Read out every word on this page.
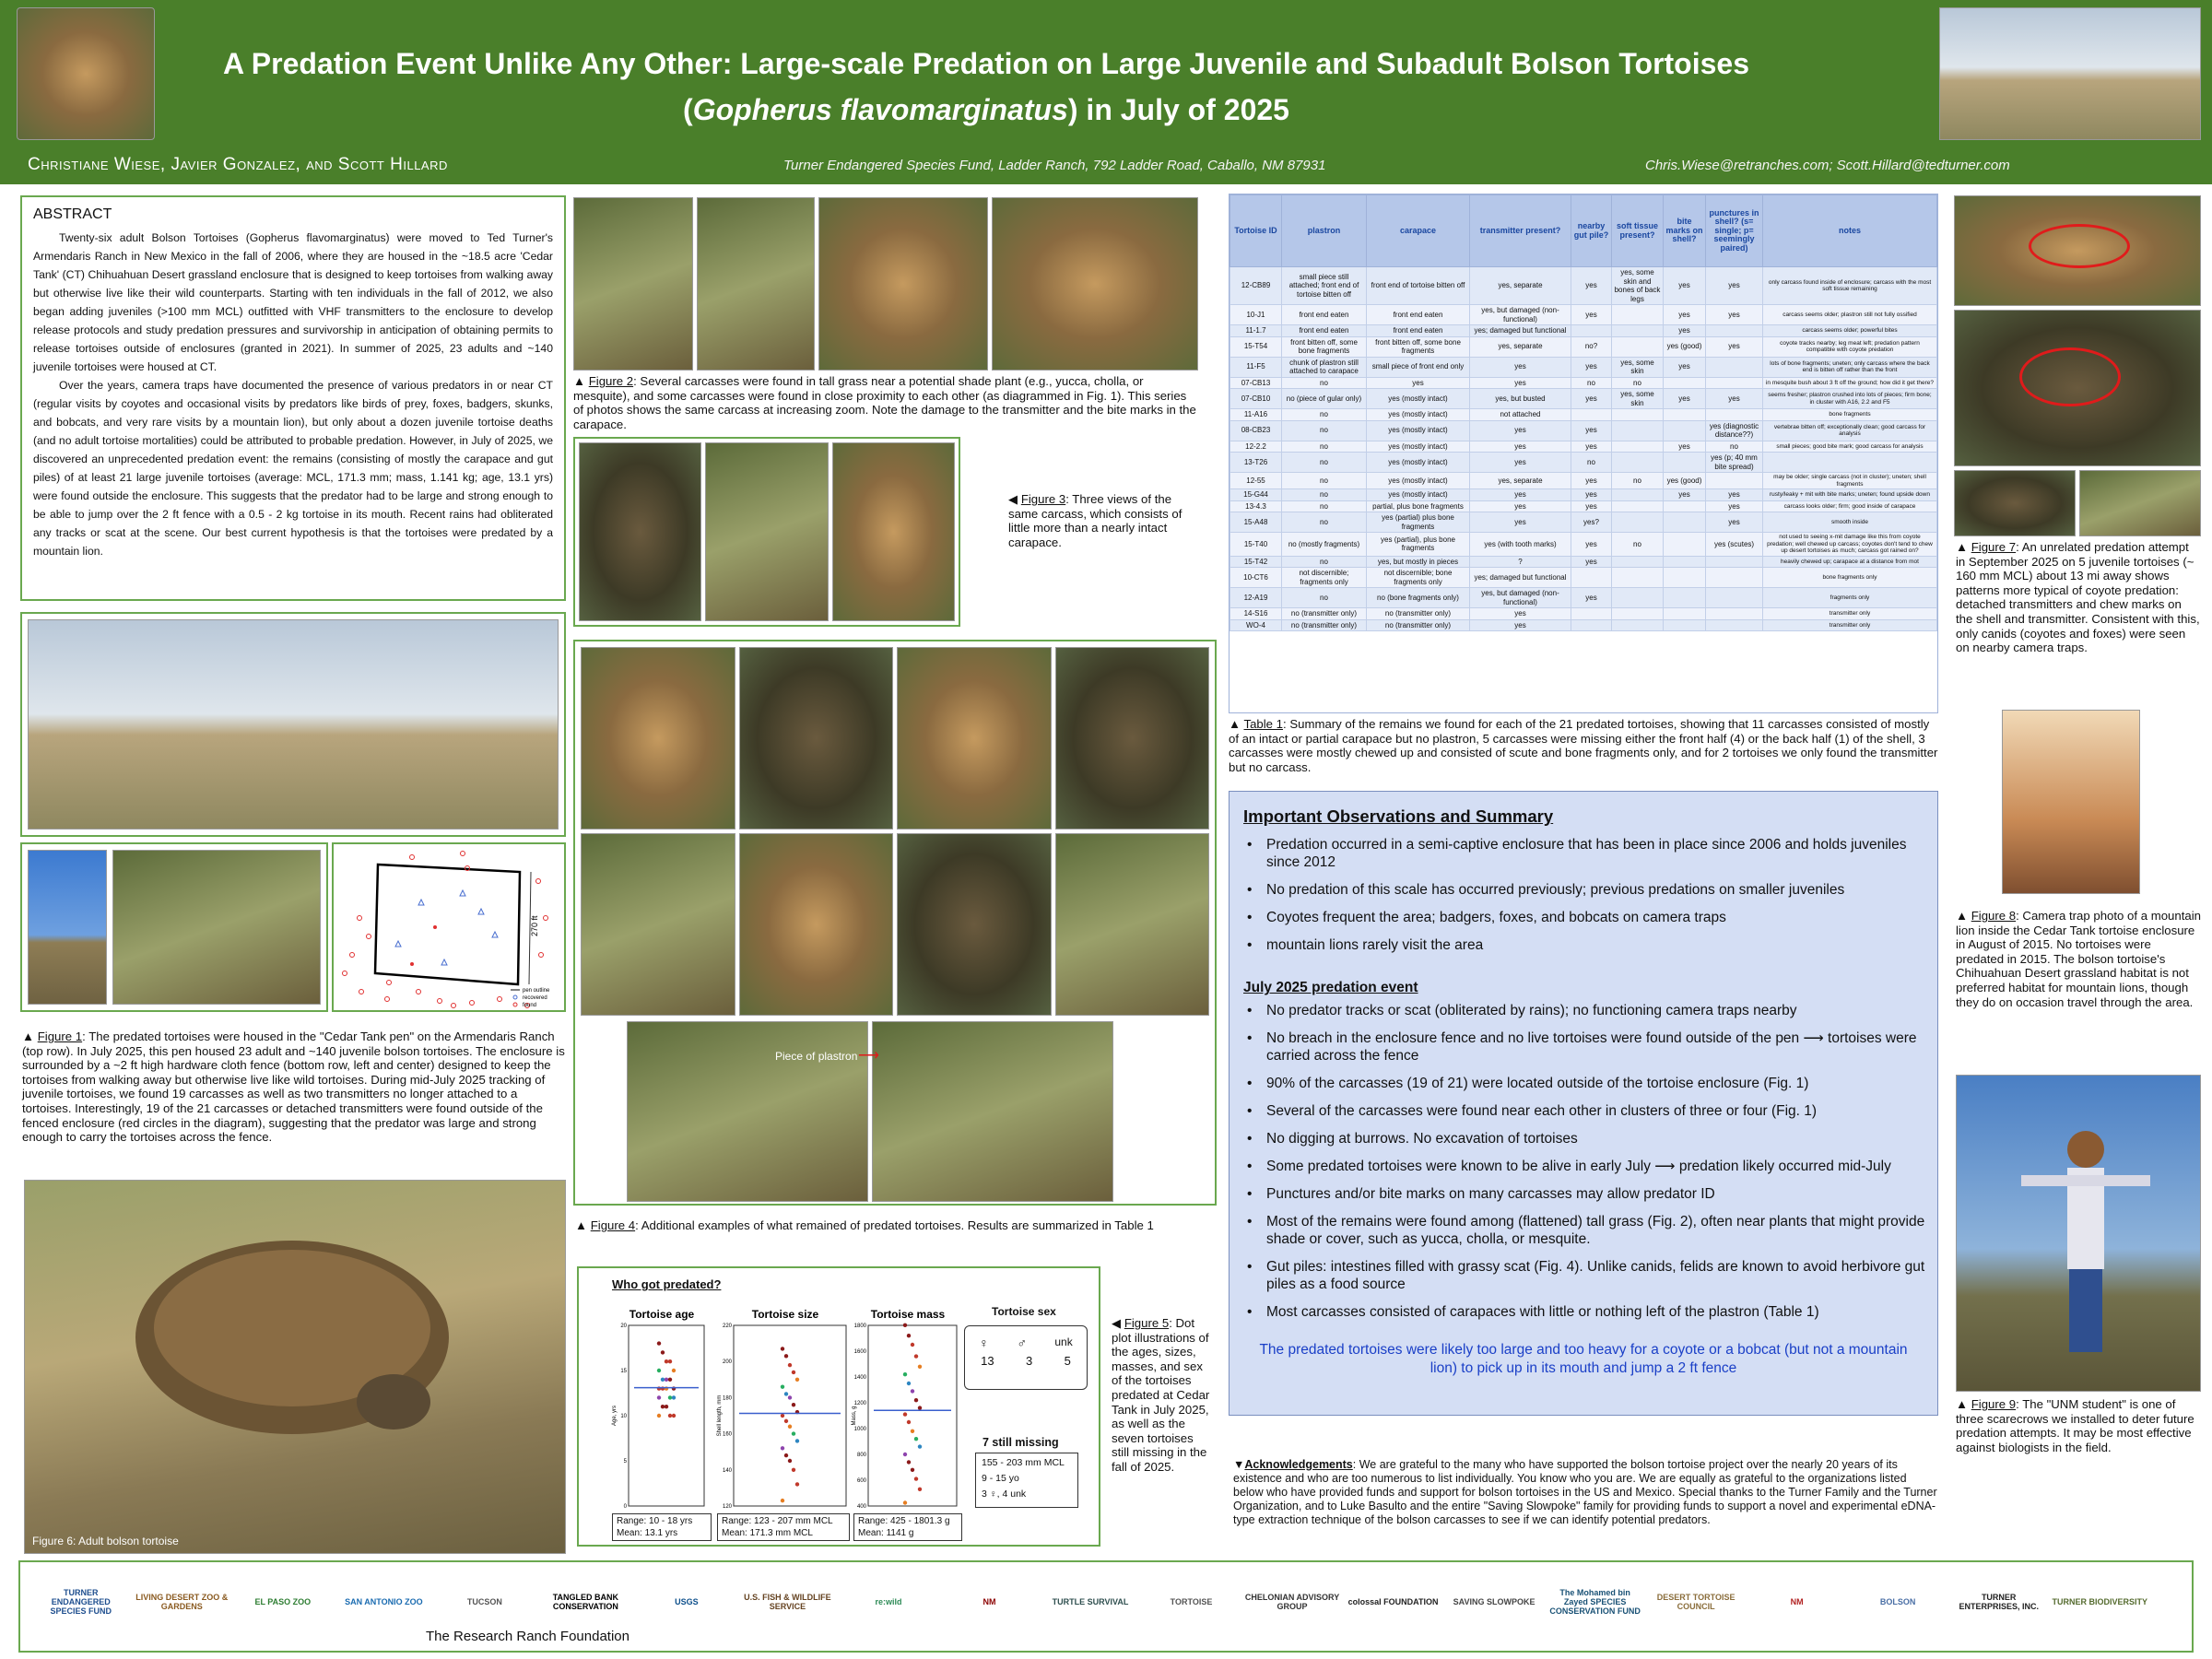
A Predation Event Unlike Any Other: Large-scale Predation on Large Juvenile and Subadult Bolson Tortoises
(Gopherus flavomarginatus) in July of 2025
Christiane Wiese, Javier Gonzalez, and Scott Hillard	Turner Endangered Species Fund, Ladder Ranch, 792 Ladder Road, Caballo, NM 87931	Chris.Wiese@retranches.com; Scott.Hillard@tedturner.com
ABSTRACT

Twenty-six adult Bolson Tortoises (Gopherus flavomarginatus) were moved to Ted Turner's Armendaris Ranch in New Mexico in the fall of 2006, where they are housed in the ~18.5 acre 'Cedar Tank' (CT) Chihuahuan Desert grassland enclosure that is designed to keep tortoises from walking away but otherwise live like their wild counterparts. Starting with ten individuals in the fall of 2012, we also began adding juveniles (>100 mm MCL) outfitted with VHF transmitters to the enclosure to develop release protocols and study predation pressures and survivorship in anticipation of obtaining permits to release tortoises outside of enclosures (granted in 2021). In summer of 2025, 23 adults and ~140 juvenile tortoises were housed at CT.

Over the years, camera traps have documented the presence of various predators in or near CT (regular visits by coyotes and occasional visits by predators like birds of prey, foxes, badgers, skunks, and bobcats, and very rare visits by a mountain lion), but only about a dozen juvenile tortoise deaths (and no adult tortoise mortalities) could be attributed to probable predation. However, in July of 2025, we discovered an unprecedented predation event: the remains (consisting of mostly the carapace and gut piles) of at least 21 large juvenile tortoises (average: MCL, 171.3 mm; mass, 1.141 kg; age, 13.1 yrs) were found outside the enclosure. This suggests that the predator had to be large and strong enough to be able to jump over the 2 ft fence with a 0.5 - 2 kg tortoise in its mouth. Recent rains had obliterated any tracks or scat at the scene. Our best current hypothesis is that the tortoises were predated by a mountain lion.

270 ft
pen outline
recovered
found
▲ Figure 1: The predated tortoises were housed in the "Cedar Tank pen" on the Armendaris Ranch (top row). In July 2025, this pen housed 23 adult and ~140 juvenile bolson tortoises. The enclosure is surrounded by a ~2 ft high hardware cloth fence (bottom row, left and center) designed to keep the tortoises from walking away but otherwise live like wild tortoises. During mid-July 2025 tracking of juvenile tortoises, we found 19 carcasses as well as two transmitters no longer attached to a tortoises. Interestingly, 19 of the 21 carcasses or detached transmitters were found outside of the fenced enclosure (red circles in the diagram), suggesting that the predator was large and strong enough to carry the tortoises across the fence.
Figure 6: Adult bolson tortoise
▲ Figure 2: Several carcasses were found in tall grass near a potential shade plant (e.g., yucca, cholla, or mesquite), and some carcasses were found in close proximity to each other (as diagrammed in Fig. 1). This series of photos shows the same carcass at increasing zoom. Note the damage to the transmitter and the bite marks in the carapace.
◀ Figure 3: Three views of the same carcass, which consists of little more than a nearly intact carapace.
Piece of plastron ⟶
▲ Figure 4: Additional examples of what remained of predated tortoises. Results are summarized in Table 1
Who got predated?
Tortoise age
0
5
10
15
20
Age, yrs
Tortoise size
120
140
160
180
200
220
Shell length, mm
Tortoise mass
400
600
800
1000
1200
1400
1600
1800
Mass, g
Tortoise sex
♀ ♂	unk
13	3	5
7 still missing
155 - 203 mm MCL
9 - 15 yo
3 ♀, 4 unk
Range: 10 - 18 yrs
Mean: 13.1 yrs
Range: 123 - 207 mm MCL
Mean: 171.3 mm MCL
Range: 425 - 1801.3 g
Mean: 1141 g
◀ Figure 5: Dot plot illustrations of the ages, sizes, masses, and sex of the tortoises predated at Cedar Tank in July 2025, as well as the seven tortoises still missing in the fall of 2025.
Tortoise ID	plastron	carapace	transmitter present?	nearby gut pile?	soft tissue present?	bite marks on shell?	punctures in shell? (s= single; p= seemingly paired)	notes
12-CB89	small piece still attached; front end of tortoise bitten off	front end of tortoise bitten off	yes, separate	yes	yes, some skin and bones of back legs	yes	yes	only carcass found inside of enclosure; carcass with the most soft tissue remaining
10-J1	front end eaten	front end eaten	yes, but damaged (non-functional)	yes		yes	yes	carcass seems older; plastron still not fully ossified
11-1.7	front end eaten	front end eaten	yes; damaged but functional			yes		carcass seems older; powerful bites
15-T54	front bitten off, some bone fragments	front bitten off, some bone fragments	yes, separate	no?		yes (good)	yes	coyote tracks nearby; leg meat left; predation pattern compatible with coyote predation
11-F5	chunk of plastron still attached to carapace	small piece of front end only	yes	yes	yes, some skin	yes		lots of bone fragments; uneten; only carcass where the back end is bitten off rather than the front
07-CB13	no	yes	yes	no	no			in mesquite bush about 3 ft off the ground; how did it get there?
07-CB10	no (piece of gular only)	yes (mostly intact)	yes, but busted	yes	yes, some skin	yes	yes	seems fresher; plastron crushed into lots of pieces; firm bone; in cluster with A16, 2.2 and F5
11-A16	no	yes (mostly intact)	not attached					bone fragments
08-CB23	no	yes (mostly intact)	yes	yes			yes (diagnostic distance??)	vertebrae bitten off; exceptionally clean; good carcass for analysis
12-2.2	no	yes (mostly intact)	yes	yes		yes	no	small pieces; good bite mark; good carcass for analysis
13-T26	no	yes (mostly intact)	yes	no			yes (p; 40 mm bite spread)	
12-55	no	yes (mostly intact)	yes, separate	yes	no	yes (good)		may be older; single carcass (not in cluster); uneten; shell fragments
15-G44	no	yes (mostly intact)	yes	yes		yes	yes	rusty/leaky + mit with bite marks; uneten; found upside down
13-4.3	no	partial, plus bone fragments	yes	yes			yes	carcass looks older; firm; good inside of carapace
15-A48	no	yes (partial) plus bone fragments	yes	yes?			yes	smooth inside
15-T40	no (mostly fragments)	yes (partial), plus bone fragments	yes (with tooth marks)	yes	no		yes (scutes)	not used to seeing x-mit damage like this from coyote predation; well chewed up carcass; coyotes don't tend to chew up desert tortoises as much; carcass got rained on?
15-T42	no	yes, but mostly in pieces	?	yes				heavily chewed up; carapace at a distance from mot
10-CT6	not discernible; fragments only	not discernible; bone fragments only	yes; damaged but functional					bone fragments only
12-A19	no	no (bone fragments only)	yes, but damaged (non-functional)	yes				fragments only
14-S16	no (transmitter only)	no (transmitter only)	yes					transmitter only
WO-4	no (transmitter only)	no (transmitter only)	yes					transmitter only
▲ Table 1: Summary of the remains we found for each of the 21 predated tortoises, showing that 11 carcasses consisted of mostly of an intact or partial carapace but no plastron, 5 carcasses were missing either the front half (4) or the back half (1) of the shell, 3 carcasses were mostly chewed up and consisted of scute and bone fragments only, and for 2 tortoises we only found the transmitter but no carcass.
Important Observations and Summary
• Predation occurred in a semi-captive enclosure that has been in place since 2006 and holds juveniles since 2012
• No predation of this scale has occurred previously; previous predations on smaller juveniles
• Coyotes frequent the area; badgers, foxes, and bobcats on camera traps
• mountain lions rarely visit the area
July 2025 predation event
• No predator tracks or scat (obliterated by rains); no functioning camera traps nearby
• No breach in the enclosure fence and no live tortoises were found outside of the pen ⟶ tortoises were carried across the fence
• 90% of the carcasses (19 of 21) were located outside of the tortoise enclosure (Fig. 1)
• Several of the carcasses were found near each other in clusters of three or four (Fig. 1)
• No digging at burrows. No excavation of tortoises
• Some predated tortoises were known to be alive in early July ⟶ predation likely occurred mid-July
• Punctures and/or bite marks on many carcasses may allow predator ID
• Most of the remains were found among (flattened) tall grass (Fig. 2), often near plants that might provide shade or cover, such as yucca, cholla, or mesquite.
• Gut piles: intestines filled with grassy scat (Fig. 4). Unlike canids, felids are known to avoid herbivore gut piles as a food source
• Most carcasses consisted of carapaces with little or nothing left of the plastron (Table 1)
The predated tortoises were likely too large and too heavy for a coyote or a bobcat (but not a mountain lion) to pick up in its mouth and jump a 2 ft fence
▼Acknowledgements: We are grateful to the many who have supported the bolson tortoise project over the nearly 20 years of its existence and who are too numerous to list individually. You know who you are. We are equally as grateful to the organizations listed below who have provided funds and support for bolson tortoises in the US and Mexico. Special thanks to the Turner Family and the Turner Organization, and to Luke Basulto and the entire "Saving Slowpoke" family for providing funds to support a novel and experimental eDNA-type extraction technique of the bolson carcasses to see if we can identify potential predators.
▲ Figure 7: An unrelated predation attempt in September 2025 on 5 juvenile tortoises (~ 160 mm MCL) about 13 mi away shows patterns more typical of coyote predation: detached transmitters and chew marks on the shell and transmitter. Consistent with this, only canids (coyotes and foxes) were seen on nearby camera traps.
▲ Figure 8: Camera trap photo of a mountain lion inside the Cedar Tank tortoise enclosure in August of 2015. No tortoises were predated in 2015. The bolson tortoise's Chihuahuan Desert grassland habitat is not preferred habitat for mountain lions, though they do on occasion travel through the area.
▲ Figure 9: The "UNM student" is one of three scarecrows we installed to deter future predation attempts. It may be most effective against biologists in the field.
TURNER ENDANGERED SPECIES FUND
LIVING DESERT ZOO & GARDENS	EL PASO ZOO	SAN ANTONIO ZOO	TUCSON	TANGLED BANK CONSERVATION	USGS	U.S. FISH & WILDLIFE SERVICE	re:wild	NM	TURTLE SURVIVAL	TORTOISE	CHELONIAN ADVISORY GROUP	colossal FOUNDATION	SAVING SLOWPOKE
The Mohamed bin Zayed SPECIES CONSERVATION FUND
DESERT TORTOISE COUNCIL	NM	BOLSON	TURNER ENTERPRISES, INC.	TURNER BIODIVERSITY
The Research Ranch Foundation
